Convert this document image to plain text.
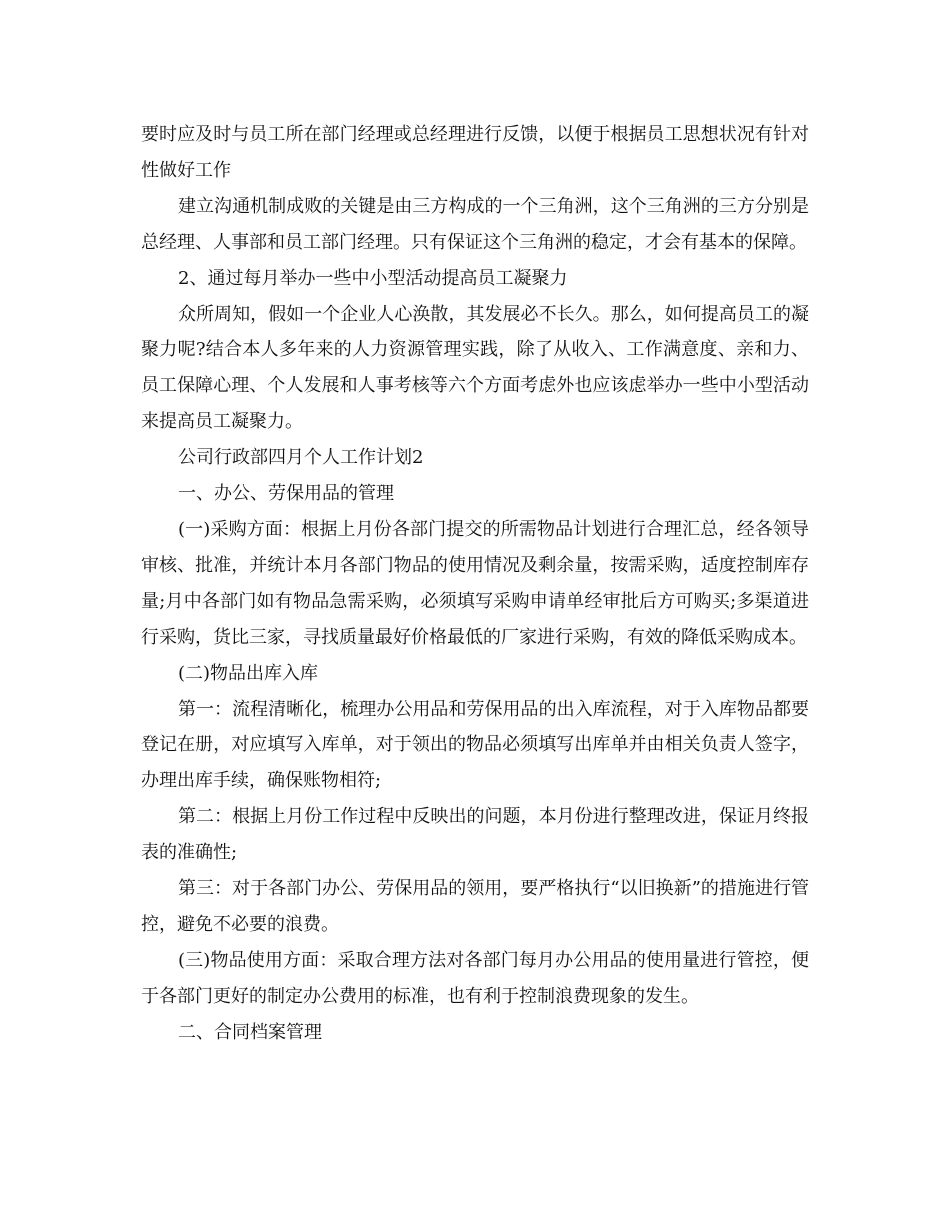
要时应及时与员工所在部门经理或总经理进行反馈，以便于根据员工思想状况有针对性做好工作

建立沟通机制成败的关键是由三方构成的一个三角洲，这个三角洲的三方分别是总经理、人事部和员工部门经理。只有保证这个三角洲的稳定，才会有基本的保障。

2、通过每月举办一些中小型活动提高员工凝聚力

众所周知，假如一个企业人心涣散，其发展必不长久。那么，如何提高员工的凝聚力呢?结合本人多年来的人力资源管理实践，除了从收入、工作满意度、亲和力、员工保障心理、个人发展和人事考核等六个方面考虑外也应该虑举办一些中小型活动来提高员工凝聚力。

公司行政部四月个人工作计划2

一、办公、劳保用品的管理

(一)采购方面：根据上月份各部门提交的所需物品计划进行合理汇总，经各领导审核、批准，并统计本月各部门物品的使用情况及剩余量，按需采购，适度控制库存量;月中各部门如有物品急需采购，必须填写采购申请单经审批后方可购买;多渠道进行采购，货比三家，寻找质量最好价格最低的厂家进行采购，有效的降低采购成本。

(二)物品出库入库

第一：流程清晰化，梳理办公用品和劳保用品的出入库流程，对于入库物品都要登记在册，对应填写入库单，对于领出的物品必须填写出库单并由相关负责人签字，办理出库手续，确保账物相符;

第二：根据上月份工作过程中反映出的问题，本月份进行整理改进，保证月终报表的准确性;

第三：对于各部门办公、劳保用品的领用，要严格执行“以旧换新”的措施进行管控，避免不必要的浪费。

(三)物品使用方面：采取合理方法对各部门每月办公用品的使用量进行管控，便于各部门更好的制定办公费用的标准，也有利于控制浪费现象的发生。

二、合同档案管理
